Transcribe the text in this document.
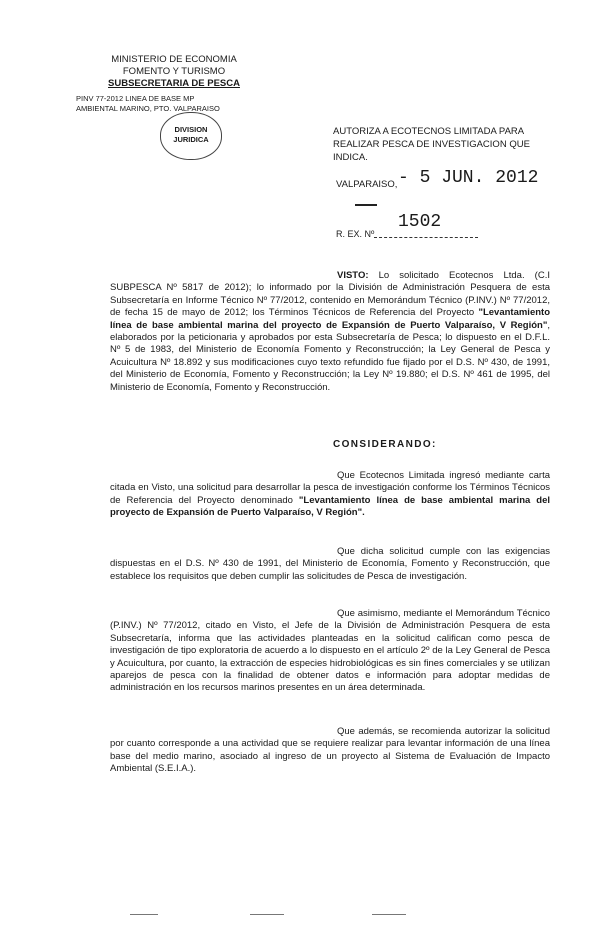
MINISTERIO DE ECONOMIA
FOMENTO Y TURISMO
SUBSECRETARIA DE PESCA
PINV 77-2012 LINEA DE BASE MP
AMBIENTAL MARINO, PTO. VALPARAISO
DIVISION
JURIDICA
AUTORIZA A ECOTECNOS LIMITADA PARA REALIZAR PESCA DE INVESTIGACION QUE INDICA.
VALPARAISO, - 5 JUN. 2012
1502
R. EX. Nº

VISTO: Lo solicitado Ecotecnos Ltda. (C.I SUBPESCA Nº 5817 de 2012); lo informado por la División de Administración Pesquera de esta Subsecretaría en Informe Técnico Nº 77/2012, contenido en Memorándum Técnico (P.INV.) Nº 77/2012, de fecha 15 de mayo de 2012; los Términos Técnicos de Referencia del Proyecto "Levantamiento línea de base ambiental marina del proyecto de Expansión de Puerto Valparaíso, V Región", elaborados por la peticionaria y aprobados por esta Subsecretaría de Pesca; lo dispuesto en el D.F.L. Nº 5 de 1983, del Ministerio de Economía Fomento y Reconstrucción; la Ley General de Pesca y Acuicultura Nº 18.892 y sus modificaciones cuyo texto refundido fue fijado por el D.S. Nº 430, de 1991, del Ministerio de Economía, Fomento y Reconstrucción; la Ley Nº 19.880; el D.S. Nº 461 de 1995, del Ministerio de Economía, Fomento y Reconstrucción.

CONSIDERANDO:

Que Ecotecnos Limitada ingresó mediante carta citada en Visto, una solicitud para desarrollar la pesca de investigación conforme los Términos Técnicos de Referencia del Proyecto denominado "Levantamiento línea de base ambiental marina del proyecto de Expansión de Puerto Valparaíso, V Región".

Que dicha solicitud cumple con las exigencias dispuestas en el D.S. Nº 430 de 1991, del Ministerio de Economía, Fomento y Reconstrucción, que establece los requisitos que deben cumplir las solicitudes de Pesca de investigación.

Que asimismo, mediante el Memorándum Técnico (P.INV.) Nº 77/2012, citado en Visto, el Jefe de la División de Administración Pesquera de esta Subsecretaría, informa que las actividades planteadas en la solicitud califican como pesca de investigación de tipo exploratoria de acuerdo a lo dispuesto en el artículo 2º de la Ley General de Pesca y Acuicultura, por cuanto, la extracción de especies hidrobiológicas es sin fines comerciales y se utilizan aparejos de pesca con la finalidad de obtener datos e información para adoptar medidas de administración en los recursos marinos presentes en un área determinada.

Que además, se recomienda autorizar la solicitud por cuanto corresponde a una actividad que se requiere realizar para levantar información de una línea base del medio marino, asociado al ingreso de un proyecto al Sistema de Evaluación de Impacto Ambiental (S.E.I.A.).
